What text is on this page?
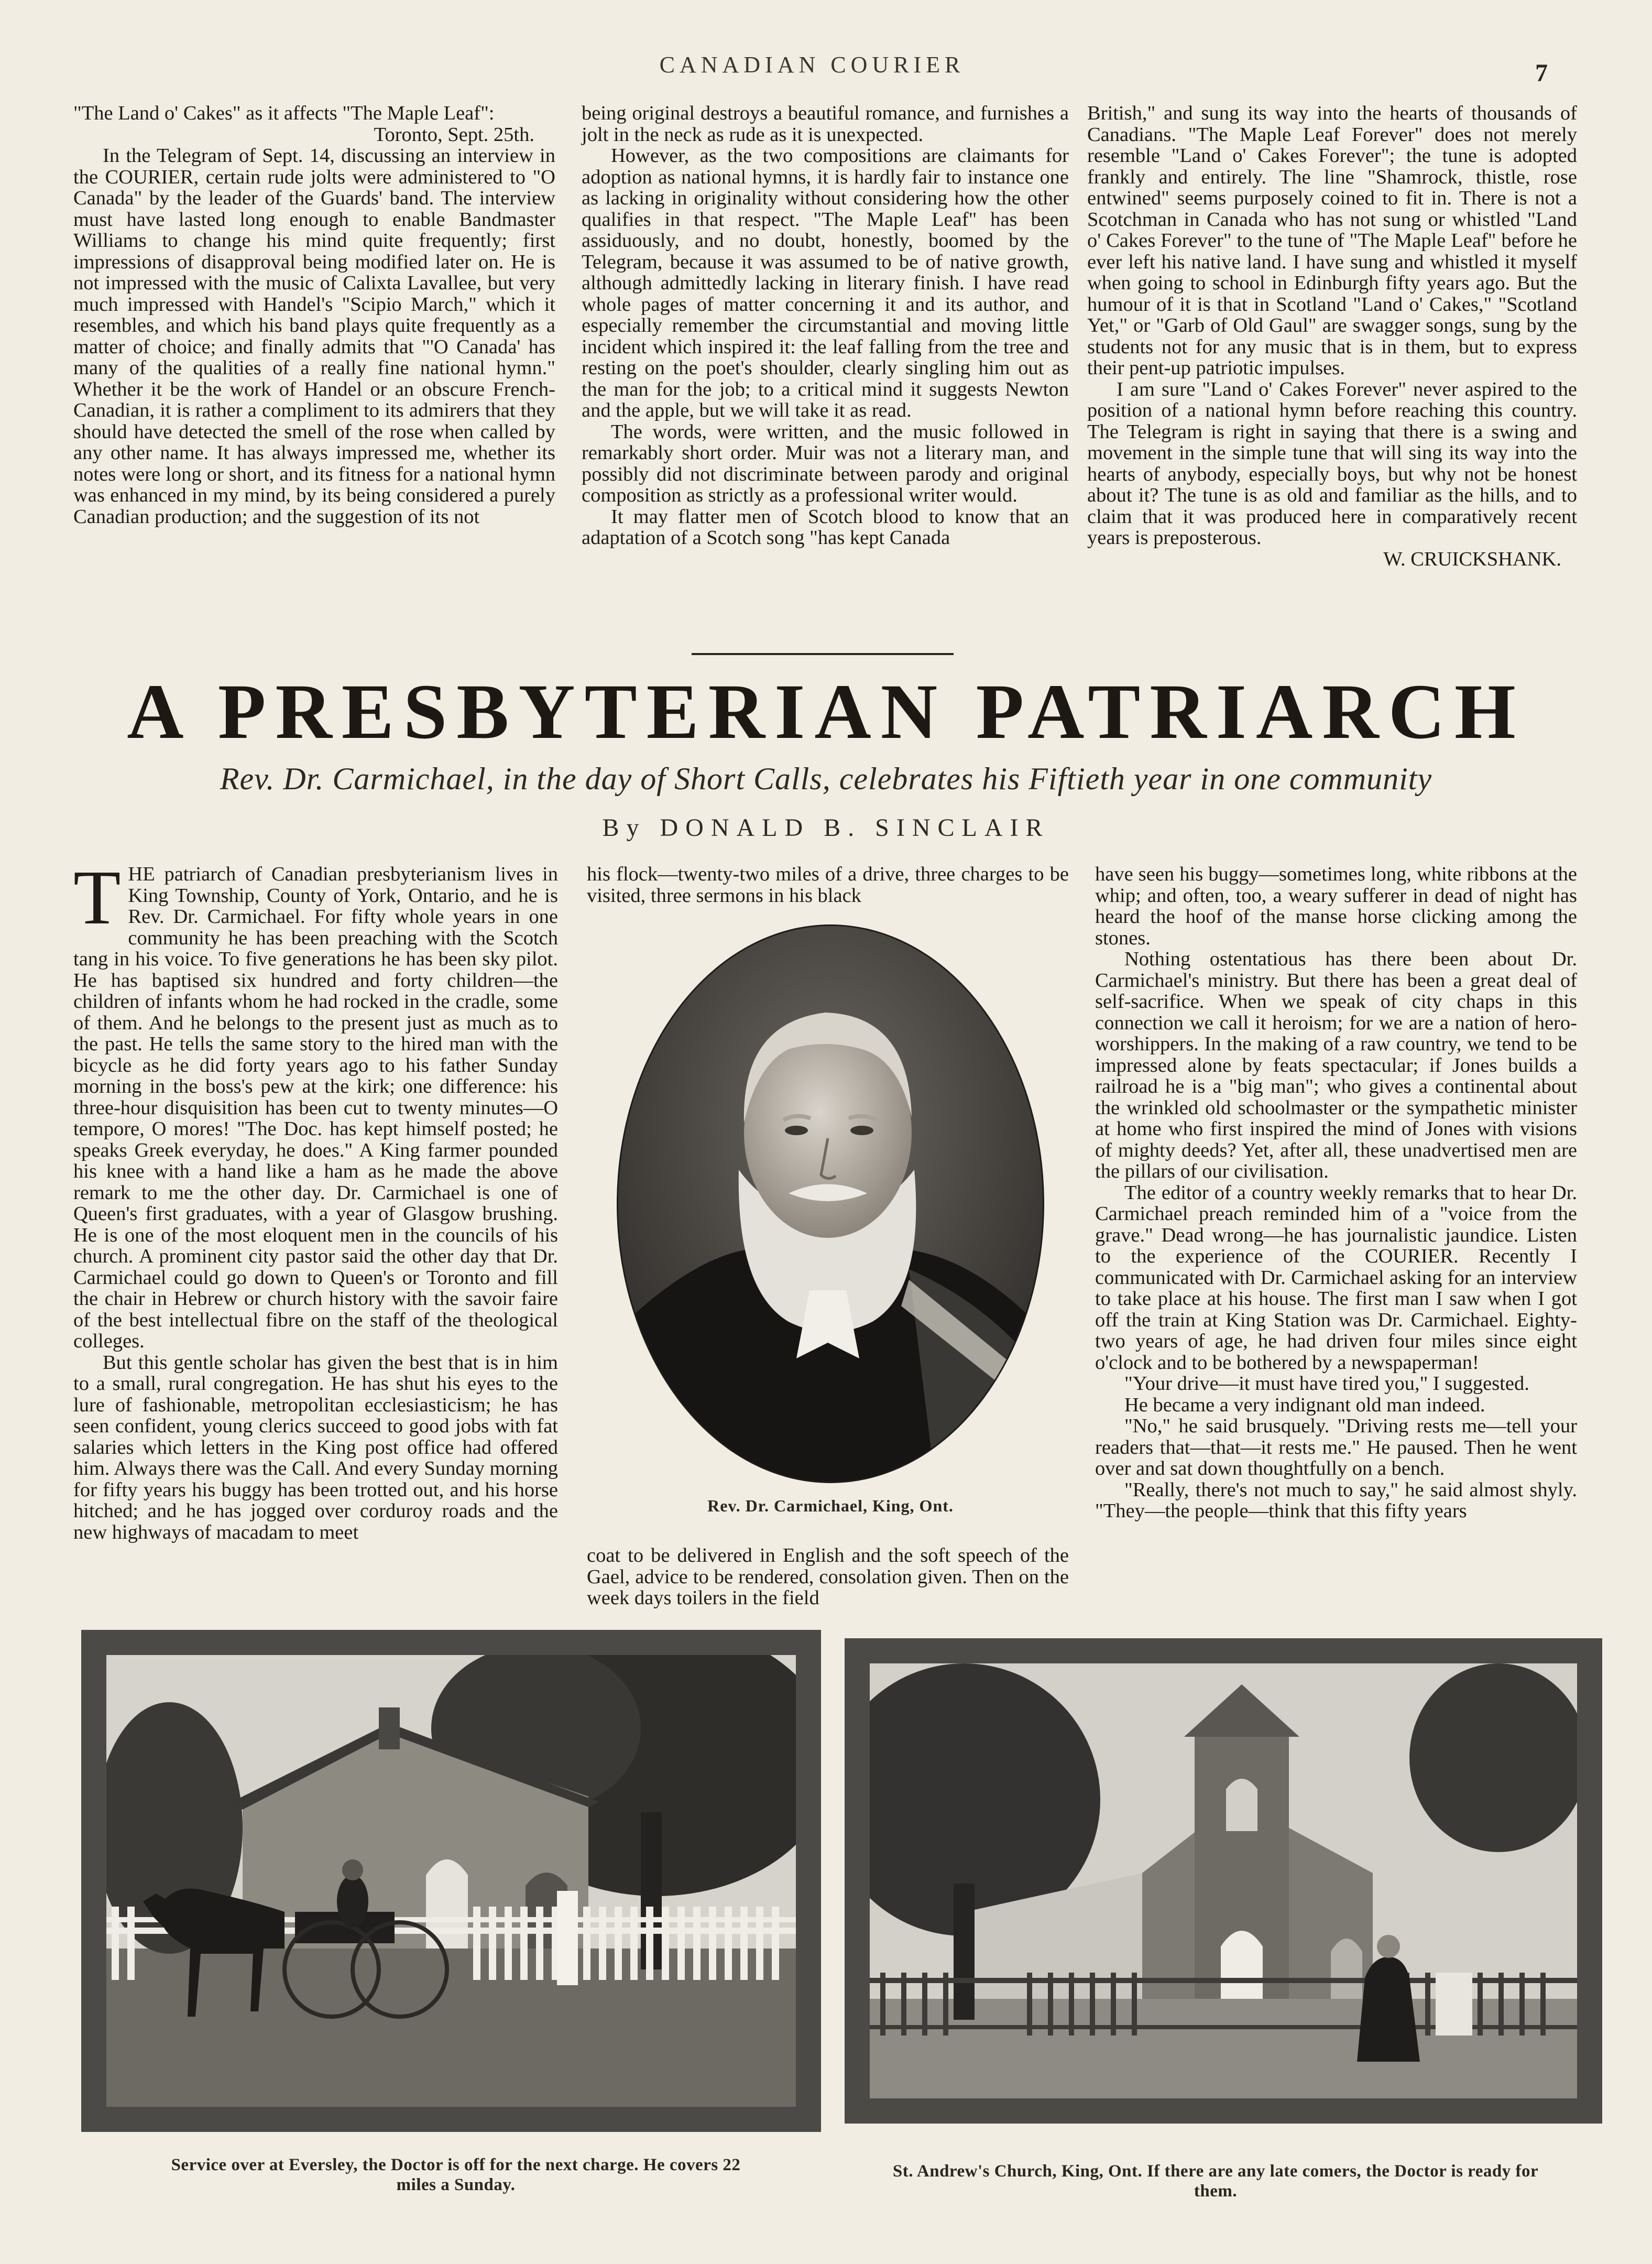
CANADIAN COURIER	7

"The Land o' Cakes" as it affects "The Maple Leaf":

Toronto, Sept. 25th.

In the Telegram of Sept. 14, discussing an interview in the COURIER, certain rude jolts were administered to "O Canada" by the leader of the Guards' band. The interview must have lasted long enough to enable Bandmaster Williams to change his mind quite frequently; first impressions of disapproval being modified later on. He is not impressed with the music of Calixta Lavallee, but very much impressed with Handel's "Scipio March," which it resembles, and which his band plays quite frequently as a matter of choice; and finally admits that "'O Canada' has many of the qualities of a really fine national hymn." Whether it be the work of Handel or an obscure French-Canadian, it is rather a compliment to its admirers that they should have detected the smell of the rose when called by any other name. It has always impressed me, whether its notes were long or short, and its fitness for a national hymn was enhanced in my mind, by its being considered a purely Canadian production; and the suggestion of its not

being original destroys a beautiful romance, and furnishes a jolt in the neck as rude as it is unexpected.

However, as the two compositions are claimants for adoption as national hymns, it is hardly fair to instance one as lacking in originality without considering how the other qualifies in that respect. "The Maple Leaf" has been assiduously, and no doubt, honestly, boomed by the Telegram, because it was assumed to be of native growth, although admittedly lacking in literary finish. I have read whole pages of matter concerning it and its author, and especially remember the circumstantial and moving little incident which inspired it: the leaf falling from the tree and resting on the poet's shoulder, clearly singling him out as the man for the job; to a critical mind it suggests Newton and the apple, but we will take it as read.

The words, were written, and the music followed in remarkably short order. Muir was not a literary man, and possibly did not discriminate between parody and original composition as strictly as a professional writer would.

It may flatter men of Scotch blood to know that an adaptation of a Scotch song "has kept Canada

British," and sung its way into the hearts of thousands of Canadians. "The Maple Leaf Forever" does not merely resemble "Land o' Cakes Forever"; the tune is adopted frankly and entirely. The line "Shamrock, thistle, rose entwined" seems purposely coined to fit in. There is not a Scotchman in Canada who has not sung or whistled "Land o' Cakes Forever" to the tune of "The Maple Leaf" before he ever left his native land. I have sung and whistled it myself when going to school in Edinburgh fifty years ago. But the humour of it is that in Scotland "Land o' Cakes," "Scotland Yet," or "Garb of Old Gaul" are swagger songs, sung by the students not for any music that is in them, but to express their pent-up patriotic impulses.

I am sure "Land o' Cakes Forever" never aspired to the position of a national hymn before reaching this country. The Telegram is right in saying that there is a swing and movement in the simple tune that will sing its way into the hearts of anybody, especially boys, but why not be honest about it? The tune is as old and familiar as the hills, and to claim that it was produced here in comparatively recent years is preposterous.

W. CRUICKSHANK.

A PRESBYTERIAN PATRIARCH
Rev. Dr. Carmichael, in the day of Short Calls, celebrates his Fiftieth year in one community
By DONALD B. SINCLAIR

THE patriarch of Canadian presbyterianism lives in King Township, County of York, Ontario, and he is Rev. Dr. Carmichael. For fifty whole years in one community he has been preaching with the Scotch tang in his voice. To five generations he has been sky pilot. He has baptised six hundred and forty children—the children of infants whom he had rocked in the cradle, some of them. And he belongs to the present just as much as to the past. He tells the same story to the hired man with the bicycle as he did forty years ago to his father Sunday morning in the boss's pew at the kirk; one difference: his three-hour disquisition has been cut to twenty minutes—O tempore, O mores! "The Doc. has kept himself posted; he speaks Greek everyday, he does." A King farmer pounded his knee with a hand like a ham as he made the above remark to me the other day. Dr. Carmichael is one of Queen's first graduates, with a year of Glasgow brushing. He is one of the most eloquent men in the councils of his church. A prominent city pastor said the other day that Dr. Carmichael could go down to Queen's or Toronto and fill the chair in Hebrew or church history with the savoir faire of the best intellectual fibre on the staff of the theological colleges.

But this gentle scholar has given the best that is in him to a small, rural congregation. He has shut his eyes to the lure of fashionable, metropolitan ecclesiasticism; he has seen confident, young clerics succeed to good jobs with fat salaries which letters in the King post office had offered him. Always there was the Call. And every Sunday morning for fifty years his buggy has been trotted out, and his horse hitched; and he has jogged over corduroy roads and the new highways of macadam to meet

his flock—twenty-two miles of a drive, three charges to be visited, three sermons in his black

Rev. Dr. Carmichael, King, Ont.

coat to be delivered in English and the soft speech of the Gael, advice to be rendered, consolation given. Then on the week days toilers in the field

have seen his buggy—sometimes long, white ribbons at the whip; and often, too, a weary sufferer in dead of night has heard the hoof of the manse horse clicking among the stones.

Nothing ostentatious has there been about Dr. Carmichael's ministry. But there has been a great deal of self-sacrifice. When we speak of city chaps in this connection we call it heroism; for we are a nation of hero-worshippers. In the making of a raw country, we tend to be impressed alone by feats spectacular; if Jones builds a railroad he is a "big man"; who gives a continental about the wrinkled old schoolmaster or the sympathetic minister at home who first inspired the mind of Jones with visions of mighty deeds? Yet, after all, these unadvertised men are the pillars of our civilisation.

The editor of a country weekly remarks that to hear Dr. Carmichael preach reminded him of a "voice from the grave." Dead wrong—he has journalistic jaundice. Listen to the experience of the COURIER. Recently I communicated with Dr. Carmichael asking for an interview to take place at his house. The first man I saw when I got off the train at King Station was Dr. Carmichael. Eighty-two years of age, he had driven four miles since eight o'clock and to be bothered by a newspaperman!

"Your drive—it must have tired you," I suggested.

He became a very indignant old man indeed.

"No," he said brusquely. "Driving rests me—tell your readers that—that—it rests me." He paused. Then he went over and sat down thoughtfully on a bench.

"Really, there's not much to say," he said almost shyly. "They—the people—think that this fifty years

Service over at Eversley, the Doctor is off for the next charge. He covers 22 miles a Sunday.
St. Andrew's Church, King, Ont. If there are any late comers, the Doctor is ready for them.
